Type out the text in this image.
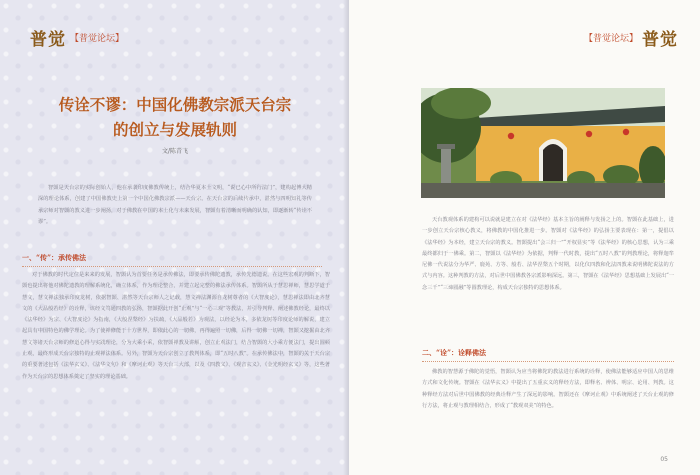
普觉 【普觉论坛】
传诠不谬：中国化佛教宗派天台宗
的创立与发展轨则
文/陈青飞

智顗是天台宗的实际创始人，他在承袭印度佛教传统上，结合华夏本土文明，“说已心中所行法门”，建构起博大精深的理论体系，创建了中国佛教史上第一个中国化佛教宗派——天台宗。在天台宗的后续传承中，湛然与四明知礼等传承宗师对智顗的教义进一步阐扬，对于佛教在中国的本土化与未来发展，智顗有着清晰而明确的认知，即逐渐转“传诠不谬”。

一、“传”：承传佛法

对于佛教的时代定位是来来的发展，智顗认为首要任务是承传佛法，即要承传佛陀遗教，承传先德遗说。在这些宏观的判断下，智顗也提出将他对佛陀遗教的理解系统化，确立体系，作为理论整合，并建立起完整的佛法承传体系。智顗所从于慧思禅师，慧思学道于慧文，慧文禅法独承印度龙树，依据智顗、湛然等天台宗师人之记载，慧文禅法渊源自龙树尊者的《大智度论》，慧思禅法即由北齐慧文的《大品般若经》的诠释，该经文笃通四教的弘扬，智顗据此开创“止观”与“一心三观”等教法，并引导判释、阐述佛教经论，最终以《法华经》为宗、《大智度论》为指南，《大般涅槃经》为扶疏，《大品般若》为观法，以经论为本，多依龙树等印度论师的解说，建立起具有中国特色的佛学理论。为了使禅修能于十方世界，即依此心的一切佛，再得遍照一切佛，后得一切佛一切禅，智顗又挖掘由北齐慧文等诸天台宗师的修道心得与实践理论，分为大乘小乘，依智顗禅教及讲解，创立止观法门，结合智顗的大小乘方便法门，提出圆顿止观，最终形成天台宗独特的止观禅法体系。另外，智顗为天台宗创立了教判体系，即“五时八教”。在承传佛法中，智顗的关于天台宗的重要著述包括《法华玄义》、《法华文句》和《摩诃止观》等天台三大部，以及《四教义》、《观音玄义》、《金光明经玄义》等，这些著作为天台宗的思想体系奠定了坚实的理论基础。

【普觉论坛】 普觉

天台教观体系的建构可以说就是建立在对《法华经》基本主旨的阐释与发扬之上的。智顗在此基础上，进一步创立天台宗核心教义，将佛教的中国化推进一步。智顗对《法华经》的弘扬主要表现在：第一，提倡以《法华经》为本经，建立天台宗的教义。智顗提出“会三归一”“开权显实”等《法华经》的核心思想，认为三乘最终都归于一佛乘。第二，智顗以《法华经》为依据，判释一代时教，提出“五时八教”的判教理论，将释迦牟尼佛一代说法分为华严、鹿苑、方等、般若、法华涅槃五个时期，以化仪四教和化法四教来说明佛陀说法的方式与内容。这种判教的方法，对后世中国佛教各宗派影响深远。第三，智顗在《法华经》思想基础上发展出“一念三千”“三谛圆融”等圆教理论，构成天台宗独特的思想体系。

二、“诠”：诠释佛法

佛教的智慧源于佛陀的觉悟，智顗认为应当将佛陀的教法进行系统的诠释，使佛法能够适应中国人的思维方式和文化传统。智顗在《法华玄义》中提出了五重玄义的释经方法，即释名、辨体、明宗、论用、判教。这种释经方法对后世中国佛教的经典诠释产生了深远的影响。智顗还在《摩诃止观》中系统阐述了天台止观的修行方法，将止观与教理相结合，形成了“教观双美”的特色。

05
